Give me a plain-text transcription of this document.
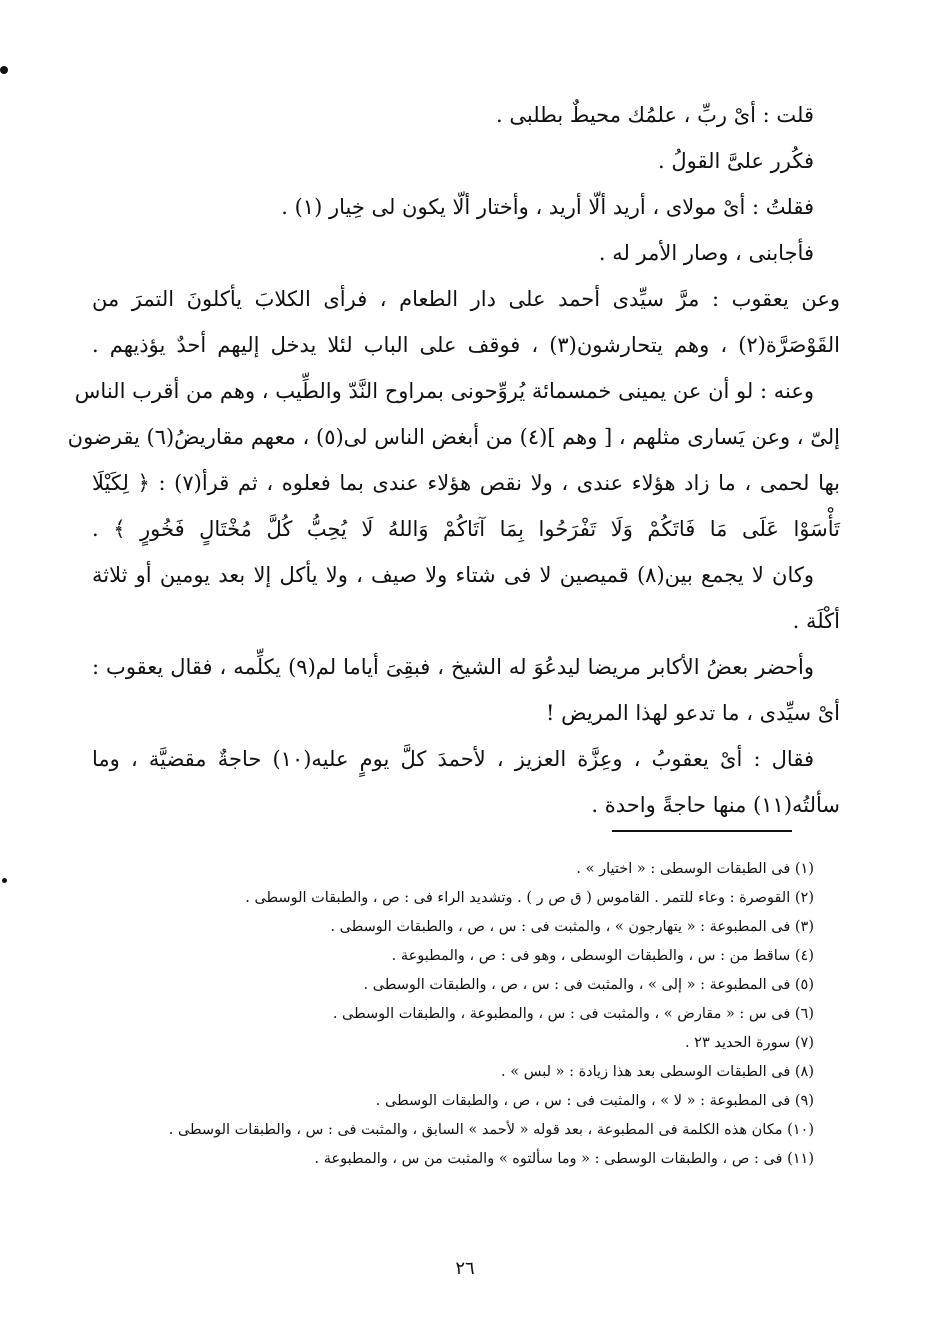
قلت : أىْ ربِّ ، علمُك محيطٌ بطلبى .
فكُرر علىَّ القولُ .
فقلتُ : أىْ مولاى ، أريد ألّا أريد ، وأختار ألّا يكون لى خِيار (١) .
فأجابنى ، وصار الأمر له .
وعن يعقوب : مرَّ سيِّدى أحمد على دار الطعام ، فرأى الكلابَ يأكلونَ التمرَ من
القَوْصَرَّة(٢) ، وهم يتحارشون(٣) ، فوقف على الباب لئلا يدخل إليهم أحدٌ يؤذيهم .
وعنه : لو أن عن يمينى خمسمائة يُروِّحونى بمراوح النَّدّ والطِّيب ، وهم من أقرب الناس
إلىّ ، وعن يَسارى مثلهم ، [ وهم ](٤) من أبغض الناس لى(٥) ، معهم مقاريضُ(٦) يقرضون
بها لحمى ، ما زاد هؤلاء عندى ، ولا نقص هؤلاء عندى بما فعلوه ، ثم قرأ(٧) : ﴿ لِكَيْلَا
تَأْسَوْا عَلَى مَا فَاتَكُمْ وَلَا تَفْرَحُوا بِمَا آتَاكُمْ وَاللهُ لَا يُحِبُّ كُلَّ مُخْتَالٍ فَخُورٍ ﴾ .
وكان لا يجمع بين(٨) قميصين لا فى شتاء ولا صيف ، ولا يأكل إلا بعد يومين أو ثلاثة
أكْلَة .
وأحضر بعضُ الأكابر مريضا ليدعُوَ له الشيخ ، فبقِىَ أياما لم(٩) يكلِّمه ، فقال يعقوب :
أىْ سيِّدى ، ما تدعو لهذا المريض !
فقال : أىْ يعقوبُ ، وعِزَّة العزيز ، لأحمدَ كلَّ يومٍ عليه(١٠) حاجةٌ مقضيَّة ، وما
سألتُه(١١) منها حاجةً واحدة .
(١) فى الطبقات الوسطى : « اختيار » .
(٢) القوصرة : وعاء للتمر . القاموس ( ق ص ر ) . وتشديد الراء فى : ص ، والطبقات الوسطى .
(٣) فى المطبوعة : « يتهارجون » ، والمثبت فى : س ، ص ، والطبقات الوسطى .
(٤) ساقط من : س ، والطبقات الوسطى ، وهو فى : ص ، والمطبوعة .
(٥) فى المطبوعة : « إلى » ، والمثبت فى : س ، ص ، والطبقات الوسطى .
(٦) فى س : « مقارض » ، والمثبت فى : س ، والمطبوعة ، والطبقات الوسطى .
(٧) سورة الحديد ٢٣ .
(٨) فى الطبقات الوسطى بعد هذا زيادة : « لبس » .
(٩) فى المطبوعة : « لا » ، والمثبت فى : س ، ص ، والطبقات الوسطى .
(١٠) مكان هذه الكلمة فى المطبوعة ، بعد قوله « لأحمد » السابق ، والمثبت فى : س ، والطبقات الوسطى .
(١١) فى : ص ، والطبقات الوسطى : « وما سألتوه » والمثبت من س ، والمطبوعة .
٢٦
